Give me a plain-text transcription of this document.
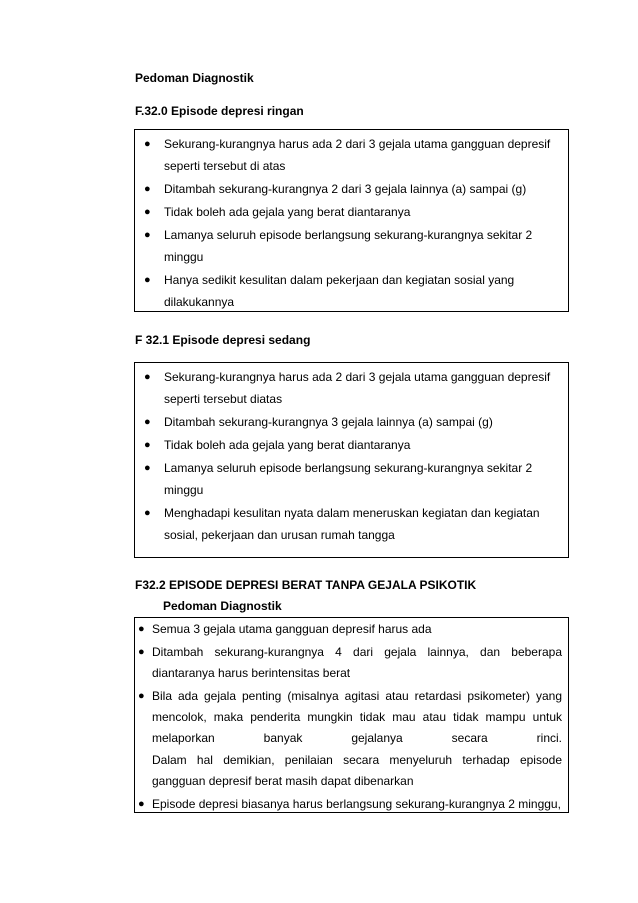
Pedoman Diagnostik
F.32.0 Episode depresi ringan
● Sekurang-kurangnya harus ada 2 dari 3 gejala utama gangguan depresif
seperti tersebut di atas
● Ditambah sekurang-kurangnya 2 dari 3 gejala lainnya (a) sampai (g)
● Tidak boleh ada gejala yang berat diantaranya
● Lamanya seluruh episode berlangsung sekurang-kurangnya sekitar 2
minggu
● Hanya sedikit kesulitan dalam pekerjaan dan kegiatan sosial yang
dilakukannya
F 32.1 Episode depresi sedang
● Sekurang-kurangnya harus ada 2 dari 3 gejala utama gangguan depresif
seperti tersebut diatas
● Ditambah sekurang-kurangnya 3 gejala lainnya (a) sampai (g)
● Tidak boleh ada gejala yang berat diantaranya
● Lamanya seluruh episode berlangsung sekurang-kurangnya sekitar 2
minggu
● Menghadapi kesulitan nyata dalam meneruskan kegiatan dan kegiatan
sosial, pekerjaan dan urusan rumah tangga
F32.2 EPISODE DEPRESI BERAT TANPA GEJALA PSIKOTIK
Pedoman Diagnostik
● Semua 3 gejala utama gangguan depresif harus ada
● Ditambah sekurang-kurangnya 4 dari gejala lainnya, dan beberapa
diantaranya harus berintensitas berat
● Bila ada gejala penting (misalnya agitasi atau retardasi psikometer) yang
mencolok, maka penderita mungkin tidak mau atau tidak mampu untuk
melaporkan banyak gejalanya secara rinci.
Dalam hal demikian, penilaian secara menyeluruh terhadap episode
gangguan depresif berat masih dapat dibenarkan
● Episode depresi biasanya harus berlangsung sekurang-kurangnya 2 minggu,
